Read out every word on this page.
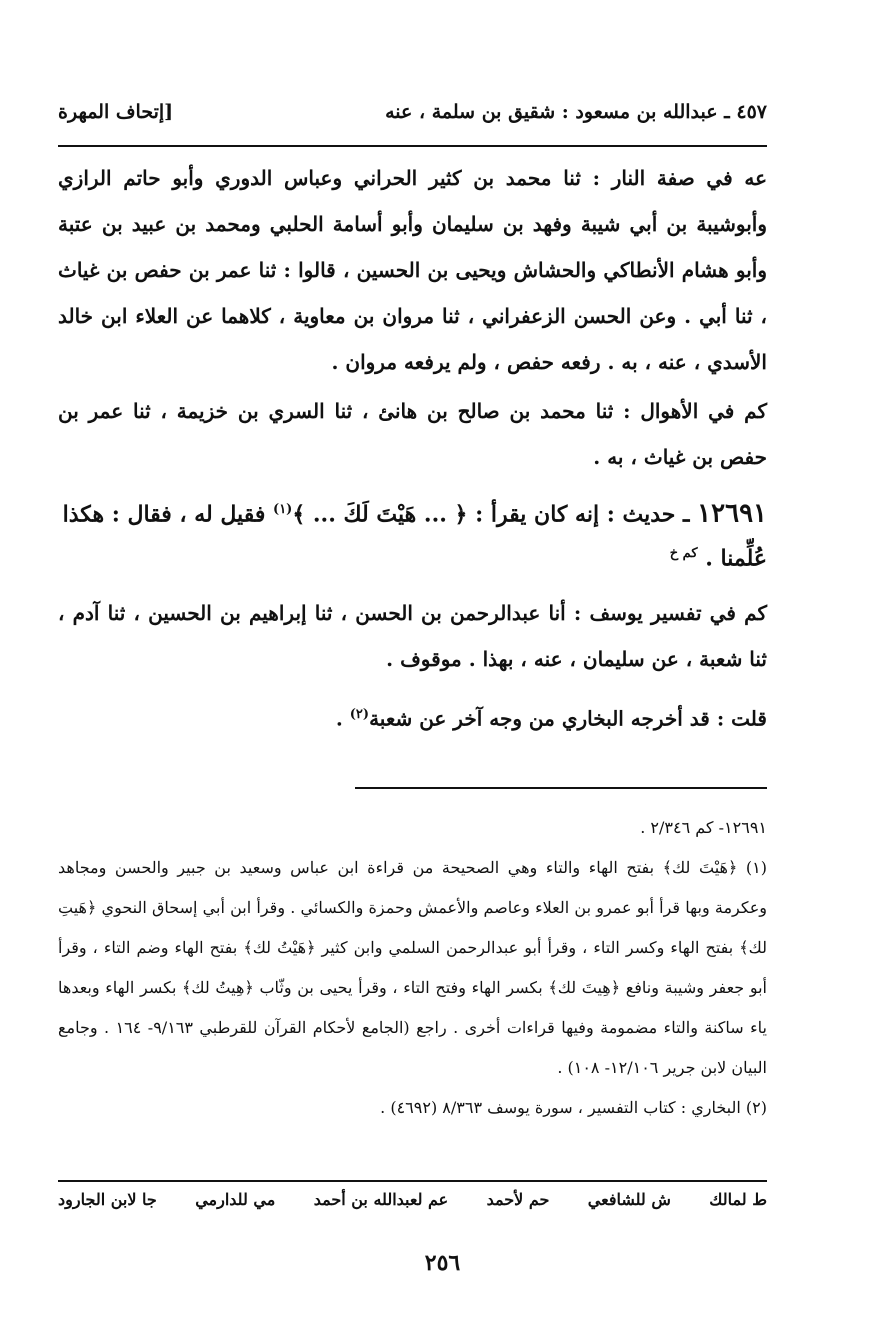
٤٥٧ ـ عبدالله بن مسعود : شقيق بن سلمة ، عنه
[إتحاف المهرة
عه في صفة النار : ثنا محمد بن كثير الحراني وعباس الدوري وأبو حاتم الرازي وأبوشيبة بن أبي شيبة وفهد بن سليمان وأبو أسامة الحلبي ومحمد بن عبيد بن عتبة وأبو هشام الأنطاكي والحشاش ويحيى بن الحسين ، قالوا : ثنا عمر بن حفص بن غياث ، ثنا أبي . وعن الحسن الزعفراني ، ثنا مروان بن معاوية ، كلاهما عن العلاء ابن خالد الأسدي ، عنه ، به . رفعه حفص ، ولم يرفعه مروان .
كم في الأهوال : ثنا محمد بن صالح بن هانئ ، ثنا السري بن خزيمة ، ثنا عمر بن حفص بن غياث ، به .
١٢٦٩١ ـ حديث : إنه كان يقرأ : ﴿ ... هَيْتَ لَكَ ... ﴾$^{(١)}$ فقيل له ، فقال : هكذا عُلِّمنا . $^{كم خ}$
كم في تفسير يوسف : أنا عبدالرحمن بن الحسن ، ثنا إبراهيم بن الحسين ، ثنا آدم ، ثنا شعبة ، عن سليمان ، عنه ، بهذا . موقوف .
قلت : قد أخرجه البخاري من وجه آخر عن شعبة$^{(٢)}$ .
١٢٦٩١- كم ٢/٣٤٦ .
(١) ﴿هَيْتَ لك﴾ بفتح الهاء والتاء وهي الصحيحة من قراءة ابن عباس وسعيد بن جبير والحسن ومجاهد وعكرمة وبها قرأ أبو عمرو بن العلاء وعاصم والأعمش وحمزة والكسائي . وقرأ ابن أبي إسحاق النحوي ﴿هَيتِ لك﴾ بفتح الهاء وكسر التاء ، وقرأ أبو عبدالرحمن السلمي وابن كثير ﴿هَيْتُ لك﴾ بفتح الهاء وضم التاء ، وقرأ أبو جعفر وشيبة ونافع ﴿هِيتَ لك﴾ بكسر الهاء وفتح التاء ، وقرأ يحيى بن وثّاب ﴿هِيتُ لك﴾ بكسر الهاء وبعدها ياء ساكنة والتاء مضمومة وفيها قراءات أخرى . راجع (الجامع لأحكام القرآن للقرطبي ٩/١٦٣- ١٦٤ . وجامع البيان لابن جرير ١٢/١٠٦- ١٠٨) .
(٢) البخاري : كتاب التفسير ، سورة يوسف ٨/٣٦٣ (٤٦٩٢) .
ط لمالك
ش للشافعي
حم لأحمد
عم لعبدالله بن أحمد
مي للدارمي
جا لابن الجارود
٢٥٦
